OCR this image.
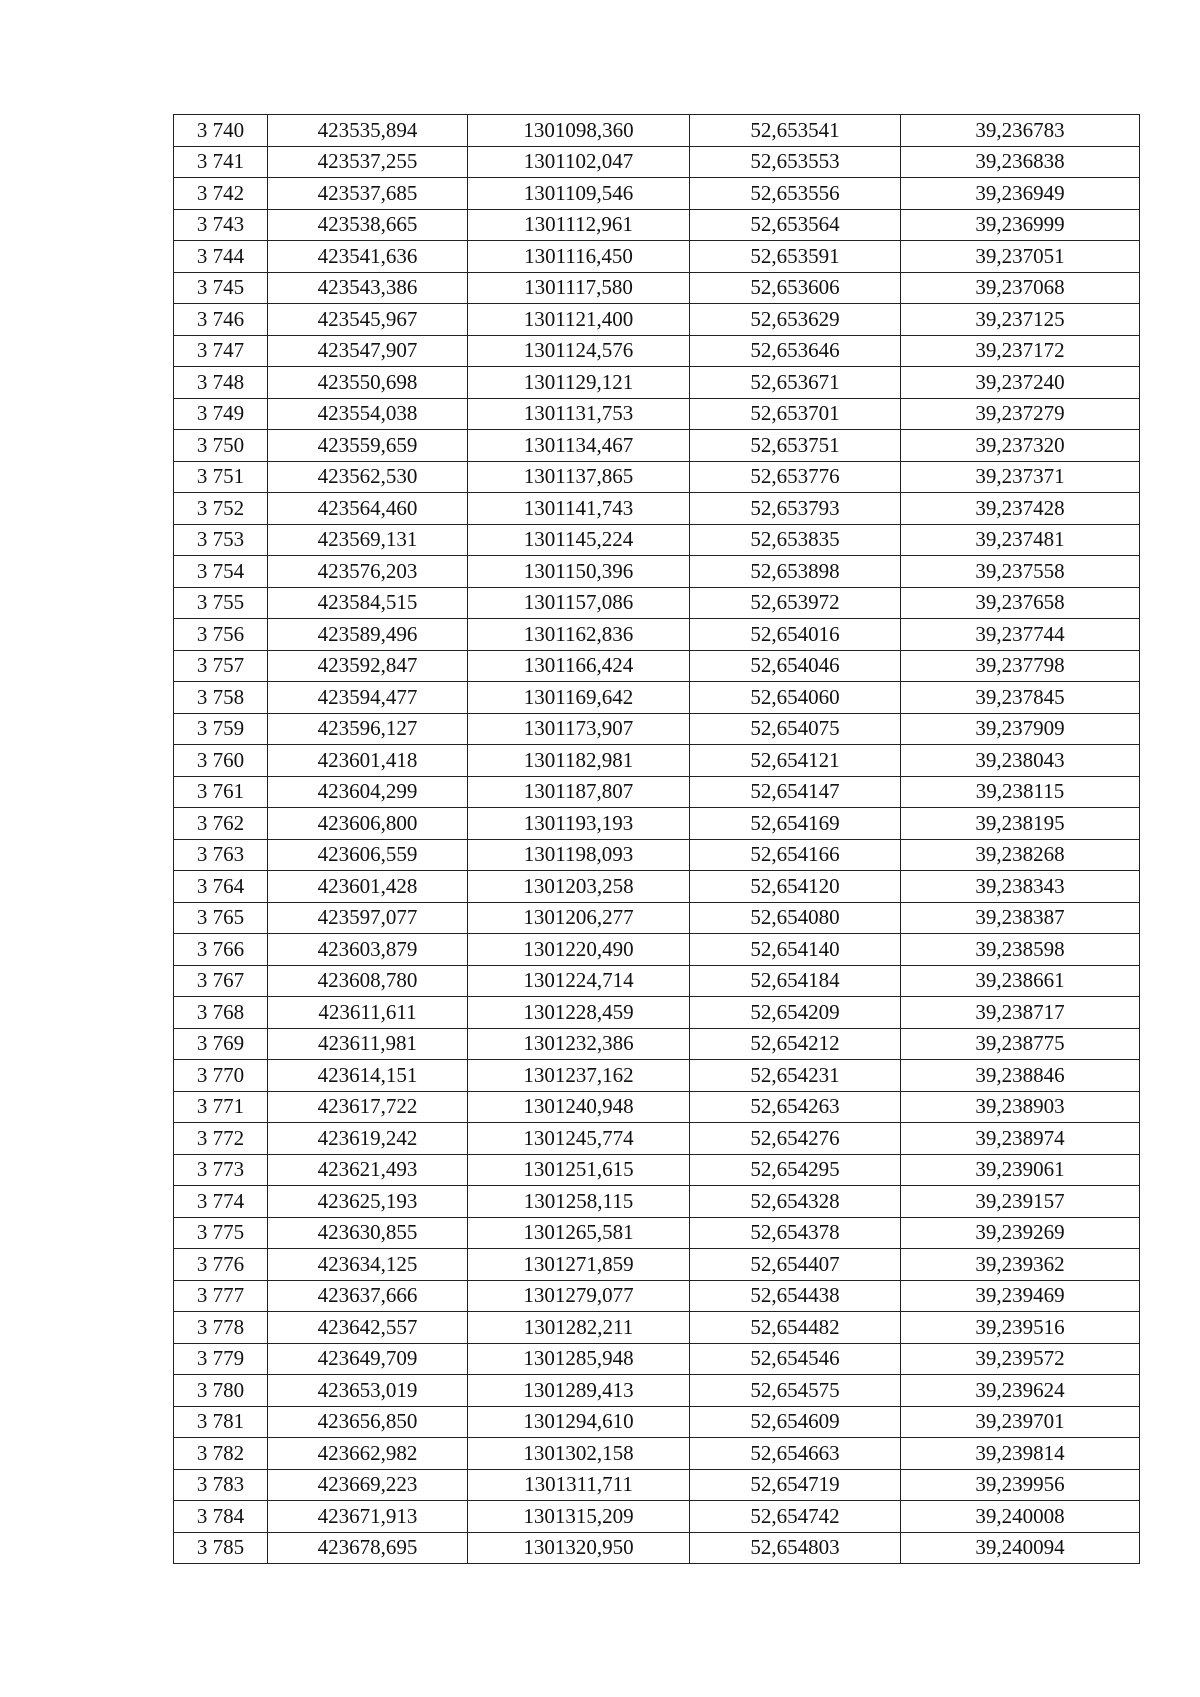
3 740	423535,894	1301098,360	52,653541	39,236783
3 741	423537,255	1301102,047	52,653553	39,236838
3 742	423537,685	1301109,546	52,653556	39,236949
3 743	423538,665	1301112,961	52,653564	39,236999
3 744	423541,636	1301116,450	52,653591	39,237051
3 745	423543,386	1301117,580	52,653606	39,237068
3 746	423545,967	1301121,400	52,653629	39,237125
3 747	423547,907	1301124,576	52,653646	39,237172
3 748	423550,698	1301129,121	52,653671	39,237240
3 749	423554,038	1301131,753	52,653701	39,237279
3 750	423559,659	1301134,467	52,653751	39,237320
3 751	423562,530	1301137,865	52,653776	39,237371
3 752	423564,460	1301141,743	52,653793	39,237428
3 753	423569,131	1301145,224	52,653835	39,237481
3 754	423576,203	1301150,396	52,653898	39,237558
3 755	423584,515	1301157,086	52,653972	39,237658
3 756	423589,496	1301162,836	52,654016	39,237744
3 757	423592,847	1301166,424	52,654046	39,237798
3 758	423594,477	1301169,642	52,654060	39,237845
3 759	423596,127	1301173,907	52,654075	39,237909
3 760	423601,418	1301182,981	52,654121	39,238043
3 761	423604,299	1301187,807	52,654147	39,238115
3 762	423606,800	1301193,193	52,654169	39,238195
3 763	423606,559	1301198,093	52,654166	39,238268
3 764	423601,428	1301203,258	52,654120	39,238343
3 765	423597,077	1301206,277	52,654080	39,238387
3 766	423603,879	1301220,490	52,654140	39,238598
3 767	423608,780	1301224,714	52,654184	39,238661
3 768	423611,611	1301228,459	52,654209	39,238717
3 769	423611,981	1301232,386	52,654212	39,238775
3 770	423614,151	1301237,162	52,654231	39,238846
3 771	423617,722	1301240,948	52,654263	39,238903
3 772	423619,242	1301245,774	52,654276	39,238974
3 773	423621,493	1301251,615	52,654295	39,239061
3 774	423625,193	1301258,115	52,654328	39,239157
3 775	423630,855	1301265,581	52,654378	39,239269
3 776	423634,125	1301271,859	52,654407	39,239362
3 777	423637,666	1301279,077	52,654438	39,239469
3 778	423642,557	1301282,211	52,654482	39,239516
3 779	423649,709	1301285,948	52,654546	39,239572
3 780	423653,019	1301289,413	52,654575	39,239624
3 781	423656,850	1301294,610	52,654609	39,239701
3 782	423662,982	1301302,158	52,654663	39,239814
3 783	423669,223	1301311,711	52,654719	39,239956
3 784	423671,913	1301315,209	52,654742	39,240008
3 785	423678,695	1301320,950	52,654803	39,240094
